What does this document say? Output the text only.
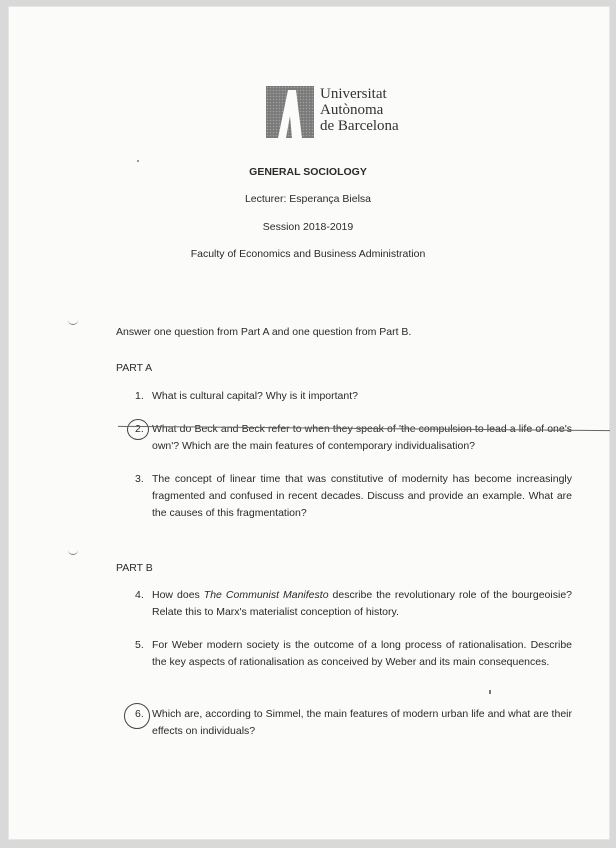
Universitat
Autònoma
de Barcelona
GENERAL SOCIOLOGY
Lecturer: Esperança Bielsa
Session 2018-2019
Faculty of Economics and Business Administration
Answer one question from Part A and one question from Part B.
PART A
1. What is cultural capital? Why is it important?
2. What do Beck and Beck refer to when they speak of 'the compulsion to lead a life of one's own'? Which are the main features of contemporary individualisation?
3. The concept of linear time that was constitutive of modernity has become increasingly fragmented and confused in recent decades. Discuss and provide an example. What are the causes of this fragmentation?
PART B
4. How does The Communist Manifesto describe the revolutionary role of the bourgeoisie? Relate this to Marx's materialist conception of history.
5. For Weber modern society is the outcome of a long process of rationalisation. Describe the key aspects of rationalisation as conceived by Weber and its main consequences.
6. Which are, according to Simmel, the main features of modern urban life and what are their effects on individuals?
